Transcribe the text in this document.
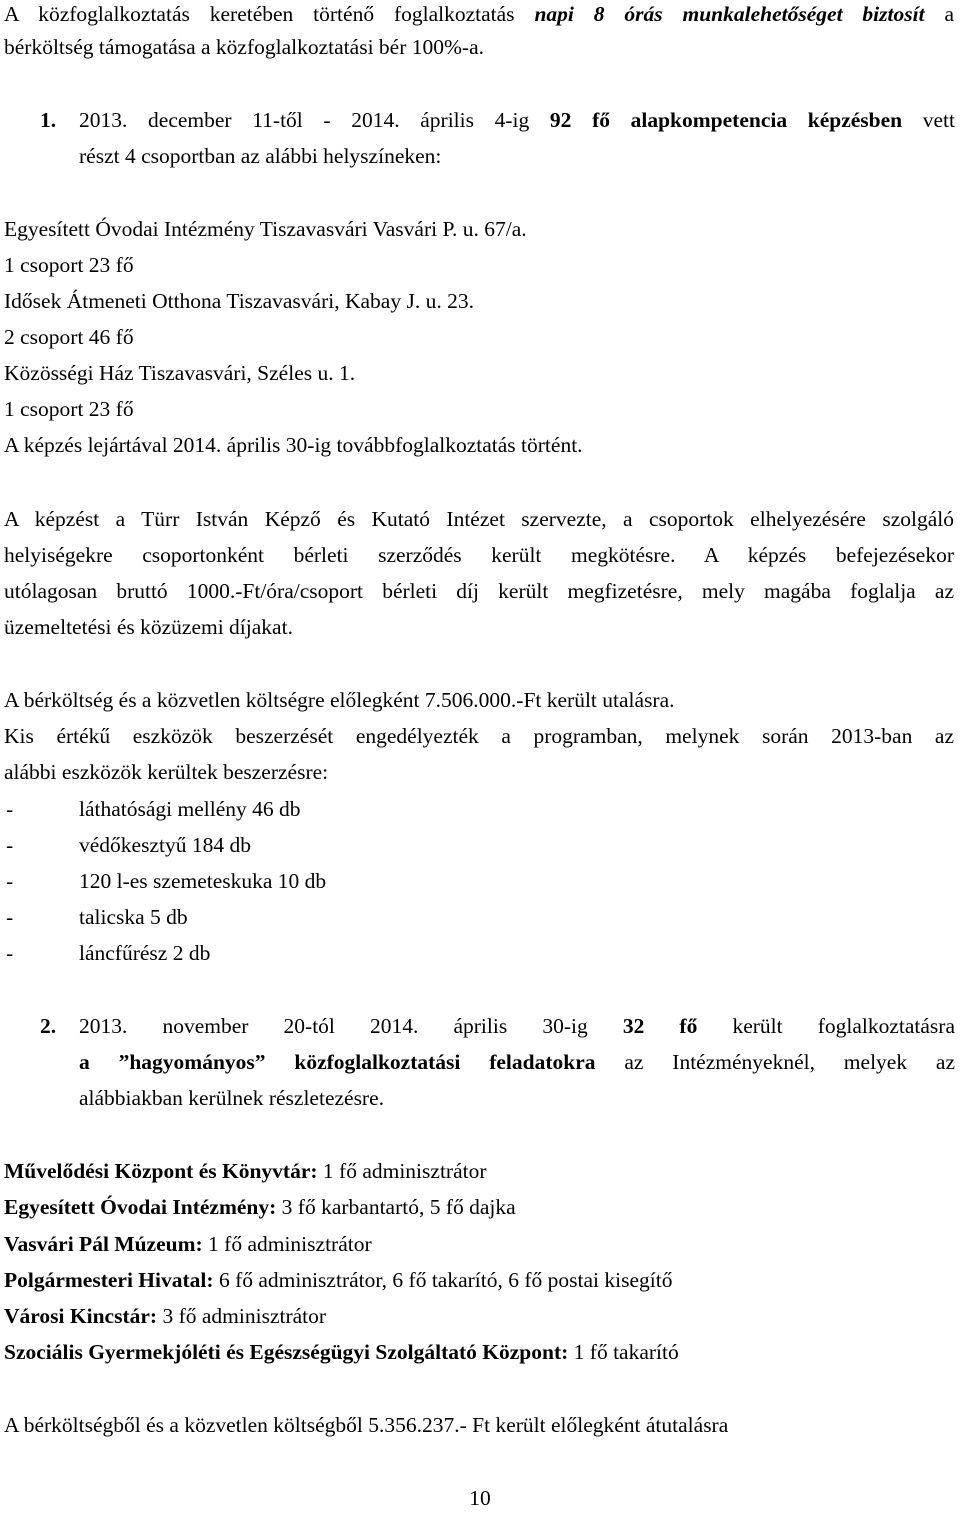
A közfoglalkoztatás keretében történő foglalkoztatás napi 8 órás munkalehetőséget biztosít a
bérköltség támogatása a közfoglalkoztatási bér 100%-a.
1. 2013. december 11-től - 2014. április 4-ig 92 fő alapkompetencia képzésben vett
részt 4 csoportban az alábbi helyszíneken:
Egyesített Óvodai Intézmény Tiszavasvári Vasvári P. u. 67/a.
1 csoport 23 fő
Idősek Átmeneti Otthona Tiszavasvári, Kabay J. u. 23.
2 csoport 46 fő
Közösségi Ház Tiszavasvári, Széles u. 1.
1 csoport 23 fő
A képzés lejártával 2014. április 30-ig továbbfoglalkoztatás történt.
A képzést a Türr István Képző és Kutató Intézet szervezte, a csoportok elhelyezésére szolgáló
helyiségekre csoportonként bérleti szerződés került megkötésre. A képzés befejezésekor
utólagosan bruttó 1000.-Ft/óra/csoport bérleti díj került megfizetésre, mely magába foglalja az
üzemeltetési és közüzemi díjakat.
A bérköltség és a közvetlen költségre előlegként 7.506.000.-Ft került utalásra.
Kis értékű eszközök beszerzését engedélyezték a programban, melynek során 2013-ban az
alábbi eszközök kerültek beszerzésre:
-	láthatósági mellény 46 db
-	védőkesztyű 184 db
-	120 l-es szemeteskuka 10 db
-	talicska 5 db
-	láncfűrész 2 db
2. 2013. november 20-tól 2014. április 30-ig 32 fő került foglalkoztatásra
a ”hagyományos” közfoglalkoztatási feladatokra az Intézményeknél, melyek az
alábbiakban kerülnek részletezésre.
Művelődési Központ és Könyvtár: 1 fő adminisztrátor
Egyesített Óvodai Intézmény: 3 fő karbantartó, 5 fő dajka
Vasvári Pál Múzeum: 1 fő adminisztrátor
Polgármesteri Hivatal: 6 fő adminisztrátor, 6 fő takarító, 6 fő postai kisegítő
Városi Kincstár: 3 fő adminisztrátor
Szociális Gyermekjóléti és Egészségügyi Szolgáltató Központ: 1 fő takarító
A bérköltségből és a közvetlen költségből 5.356.237.- Ft került előlegként átutalásra
10
